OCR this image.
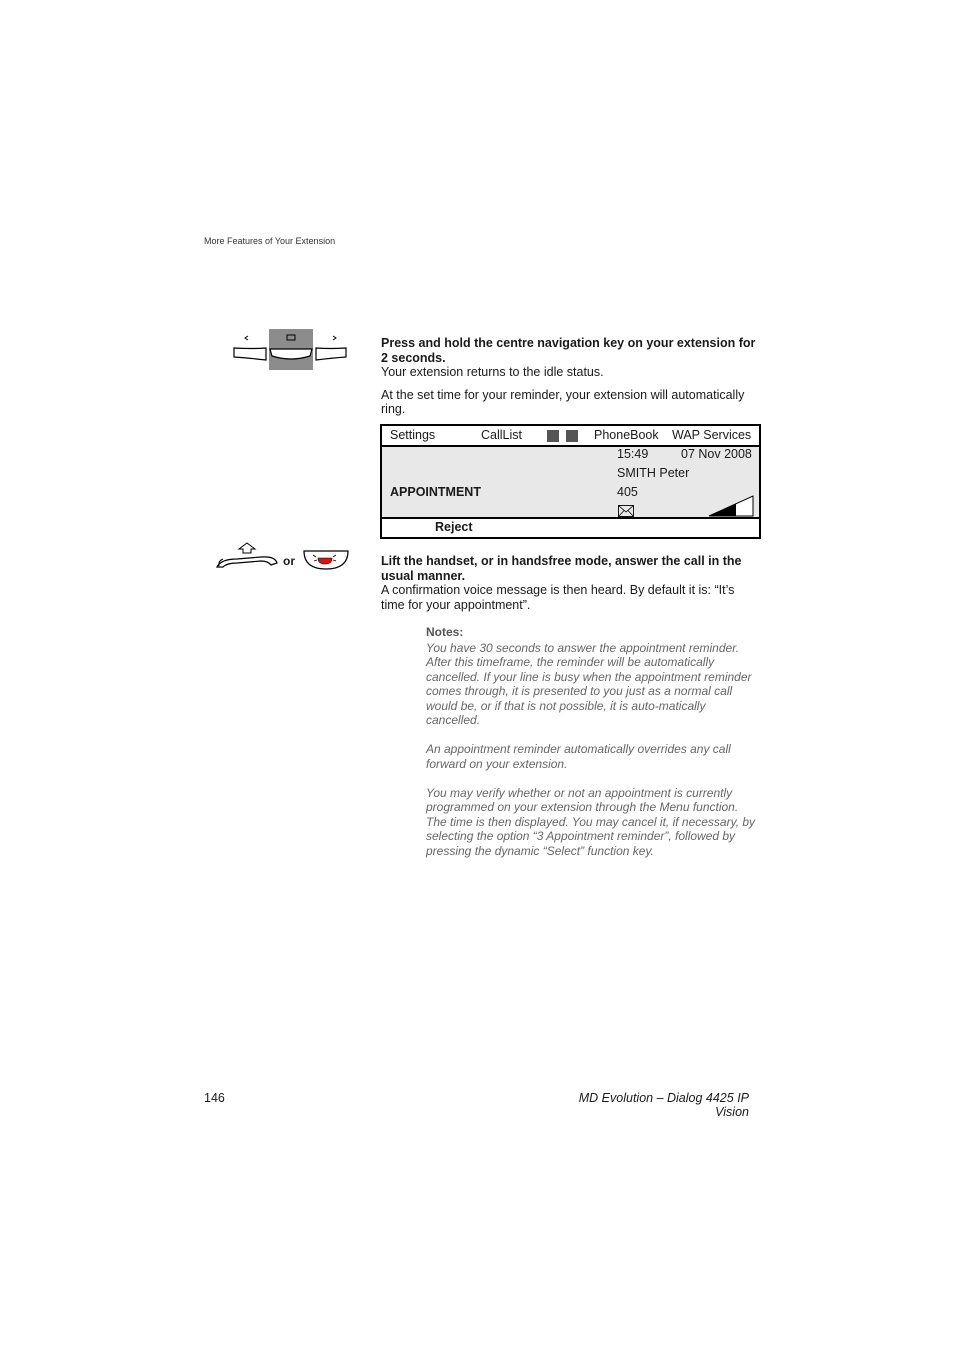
More Features of Your Extension
Press and hold the centre navigation key on your extension for 2 seconds.
Your extension returns to the idle status.
At the set time for your reminder, your extension will automatically ring.
Settings	CallList	PhoneBook WAP Services
15:49	07 Nov 2008
SMITH Peter
APPOINTMENT	405
Reject
or	Lift the handset, or in handsfree mode, answer the call in the usual manner.
A confirmation voice message is then heard. By default it is: “It’s time for your appointment”.
Notes:

You have 30 seconds to answer the appointment reminder. After this timeframe, the reminder will be automatically cancelled. If your line is busy when the appointment reminder comes through, it is presented to you just as a normal call would be, or if that is not possible, it is auto-matically cancelled.

An appointment reminder automatically overrides any call forward on your extension.

You may verify whether or not an appointment is currently programmed on your extension through the Menu function. The time is then displayed. You may cancel it, if necessary, by selecting the option “3 Appointment reminder”, followed by pressing the dynamic “Select” function key.

146	MD Evolution – Dialog 4425 IP Vision
